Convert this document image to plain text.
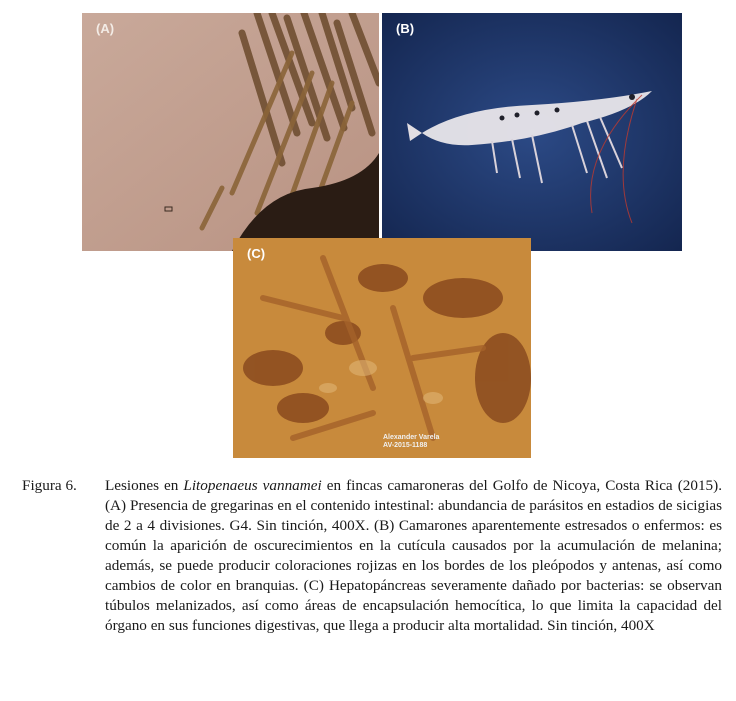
(A)	(B)
(C)
Alexander Varela
AV-2015-1188
Figura 6.	Lesiones en Litopenaeus vannamei en fincas camaroneras del Golfo de Nicoya, Costa Rica (2015). (A) Presencia de gregarinas en el contenido intestinal: abundancia de parásitos en estadios de sicigias de 2 a 4 divisiones. G4. Sin tinción, 400X. (B) Camarones aparentemente estresados o enfermos: es común la aparición de oscurecimientos en la cutícula causados por la acumulación de melanina; además, se puede producir coloraciones rojizas en los bordes de los pleópodos y antenas, así como cambios de color en branquias. (C) Hepatopáncreas severamente dañado por bacterias: se observan túbulos melanizados, así como áreas de encapsulación hemocítica, lo que limita la capacidad del órgano en sus funciones digestivas, que llega a producir alta mortalidad. Sin tinción, 400X
